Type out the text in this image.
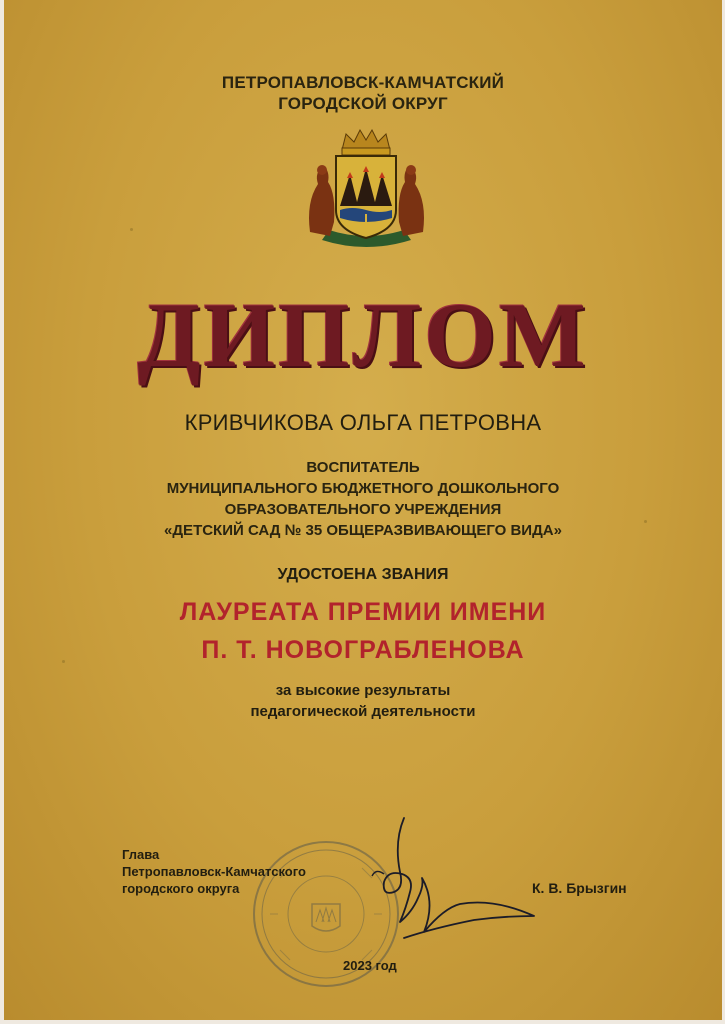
ПЕТРОПАВЛОВСК-КАМЧАТСКИЙ
ГОРОДСКОЙ ОКРУГ
ДИПЛОМ
КРИВЧИКОВА ОЛЬГА ПЕТРОВНА
ВОСПИТАТЕЛЬ
МУНИЦИПАЛЬНОГО БЮДЖЕТНОГО ДОШКОЛЬНОГО
ОБРАЗОВАТЕЛЬНОГО УЧРЕЖДЕНИЯ
«ДЕТСКИЙ САД № 35 ОБЩЕРАЗВИВАЮЩЕГО ВИДА»
УДОСТОЕНА ЗВАНИЯ
ЛАУРЕАТА ПРЕМИИ ИМЕНИ
П. Т. НОВОГРАБЛЕНОВА
за высокие результаты
педагогической деятельности
Глава
Петропавловск-Камчатского
городского округа	К. В. Брызгин
2023 год
